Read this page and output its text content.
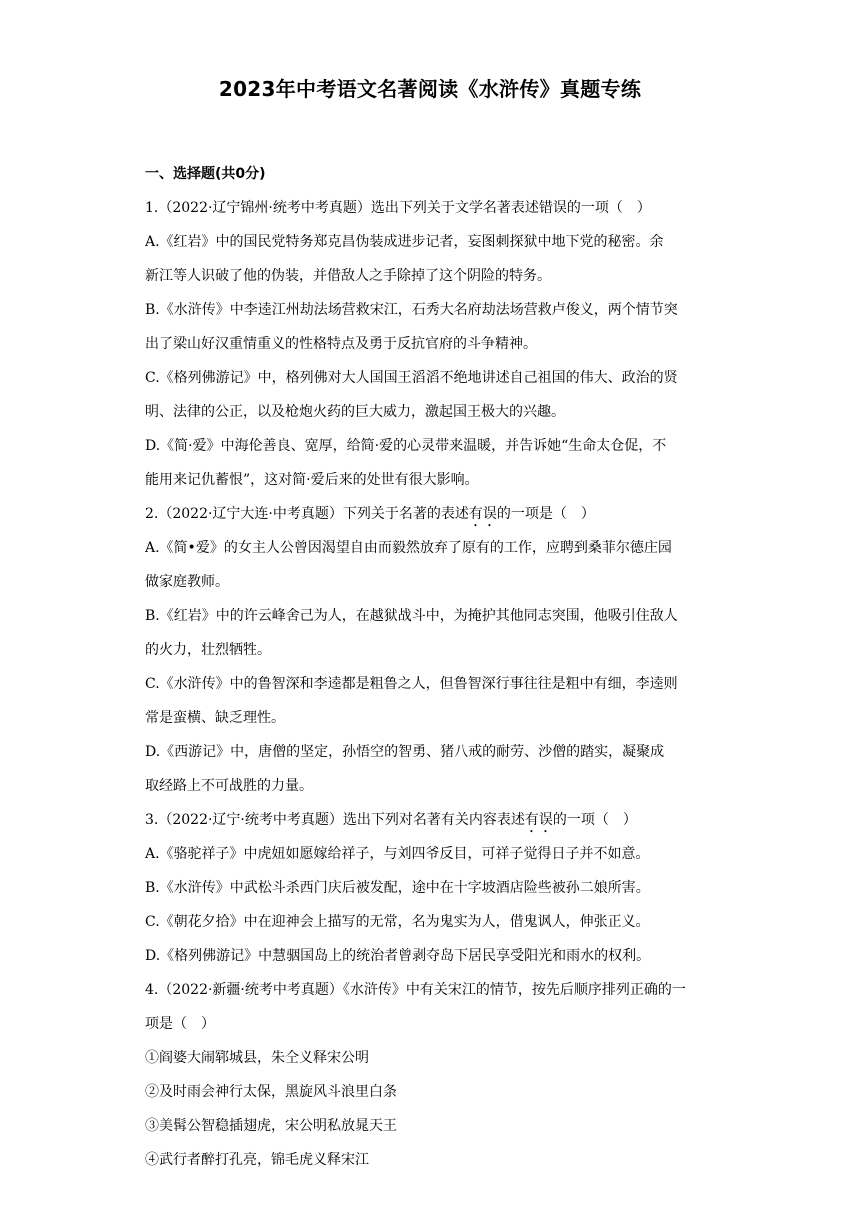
2023年中考语文名著阅读《水浒传》真题专练
一、选择题(共0分)
1.（2022·辽宁锦州·统考中考真题）选出下列关于文学名著表述错误的一项（　）
A.《红岩》中的国民党特务郑克昌伪装成进步记者，妄图刺探狱中地下党的秘密。余
新江等人识破了他的伪装，并借敌人之手除掉了这个阴险的特务。
B.《水浒传》中李逵江州劫法场营救宋江，石秀大名府劫法场营救卢俊义，两个情节突
出了梁山好汉重情重义的性格特点及勇于反抗官府的斗争精神。
C.《格列佛游记》中，格列佛对大人国国王滔滔不绝地讲述自己祖国的伟大、政治的贤
明、法律的公正，以及枪炮火药的巨大威力，激起国王极大的兴趣。
D.《简·爱》中海伦善良、宽厚，给简·爱的心灵带来温暖，并告诉她“生命太仓促，不
能用来记仇蓄恨”，这对简·爱后来的处世有很大影响。
2.（2022·辽宁大连·中考真题）下列关于名著的表述有误的一项是（　）
A.《简•爱》的女主人公曾因渴望自由而毅然放弃了原有的工作，应聘到桑菲尔德庄园
做家庭教师。
B.《红岩》中的许云峰舍己为人，在越狱战斗中，为掩护其他同志突围，他吸引住敌人
的火力，壮烈牺牲。
C.《水浒传》中的鲁智深和李逵都是粗鲁之人，但鲁智深行事往往是粗中有细，李逵则
常是蛮横、缺乏理性。
D.《西游记》中，唐僧的坚定，孙悟空的智勇、猪八戒的耐劳、沙僧的踏实，凝聚成
取经路上不可战胜的力量。
3.（2022·辽宁·统考中考真题）选出下列对名著有关内容表述有误的一项（　）
A.《骆驼祥子》中虎妞如愿嫁给祥子，与刘四爷反目，可祥子觉得日子并不如意。
B.《水浒传》中武松斗杀西门庆后被发配，途中在十字坡酒店险些被孙二娘所害。
C.《朝花夕拾》中在迎神会上描写的无常，名为鬼实为人，借鬼讽人，伸张正义。
D.《格列佛游记》中慧骃国岛上的统治者曾剥夺岛下居民享受阳光和雨水的权利。
4.（2022·新疆·统考中考真题）《水浒传》中有关宋江的情节，按先后顺序排列正确的一
项是（　）
①阎婆大闹郓城县，朱仝义释宋公明
②及时雨会神行太保，黑旋风斗浪里白条
③美髯公智稳插翅虎，宋公明私放晁天王
④武行者醉打孔亮，锦毛虎义释宋江
